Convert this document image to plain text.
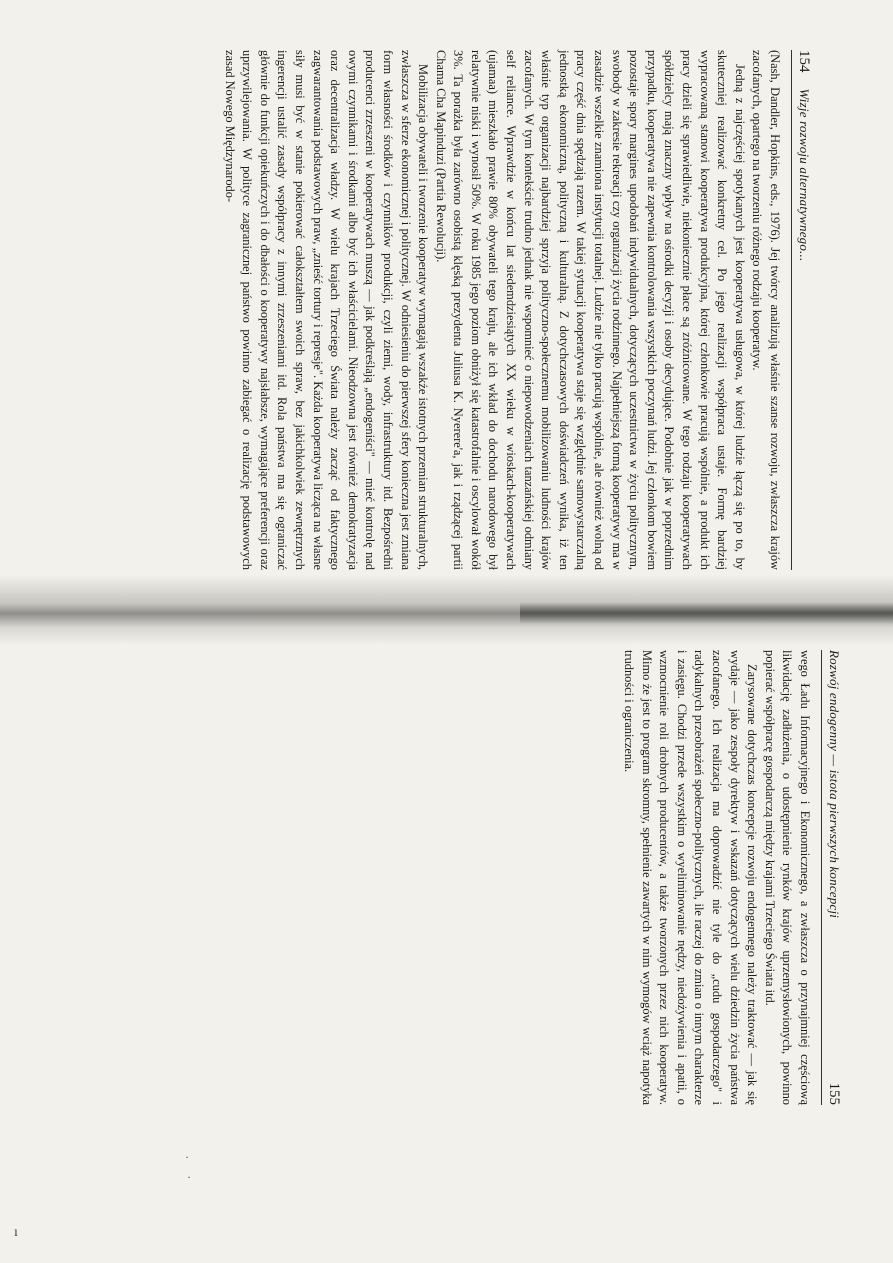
154
Wizje rozwoju alternatywnego...

(Nash, Dandler, Hopkins, eds., 1976). Jej twórcy analizują właśnie szanse rozwoju, zwłaszcza krajów zacofanych, opartego na tworzeniu różnego rodzaju kooperatyw.

Jedną z najczęściej spotykanych jest kooperatywa usługowa, w której ludzie łączą się po to, by skuteczniej realizować konkretny cel. Po jego realizacji współpraca ustaje. Formę bardziej wypracowaną stanowi kooperatywa produkcyjna, której członkowie pracują wspólnie, a produkt ich pracy dzieli się sprawiedliwie, niekoniecznie płace są zróżnicowane. W tego rodzaju kooperatywach spółdzielcy mają znaczny wpływ na ośrodki decyzji i osoby decydujące. Podobnie jak w poprzednim przypadku, kooperatywa nie zapewnia kontrolowania wszystkich poczynań ludzi. Jej członkom bowiem pozostaje spory margines upodobań indywidualnych, dotyczących uczestnictwa w życiu politycznym, swobody w zakresie rekreacji czy organizacji życia rodzinnego. Najpełniejszą formą kooperatywy ma w zasadzie wszelkie znamiona instytucji totalnej. Ludzie nie tylko pracują wspólnie, ale również wolną od pracy część dnia spędzają razem. W takiej sytuacji kooperatywa staje się względnie samowystarczalną jednostką ekonomiczną, polityczną i kulturalną. Z dotychczasowych doświadczeń wynika, iż ten właśnie typ organizacji najbardziej sprzyja polityczno-społecznemu mobilizowaniu ludności krajów zacofanych. W tym kontekście trudno jednak nie wspomnieć o niepowodzeniach tanzańskiej odmiany self reliance. Wprawdzie w końcu lat siedemdziesiątych XX wieku w wioskach-kooperatywach (ujamaa) mieszkało prawie 80% obywateli tego kraju, ale ich wkład do dochodu narodowego był relatywnie niski i wynosił 50%. W roku 1985 jego poziom obniżył się katastrofalnie i oscylował wokół 3%. Ta porażka była zarówno osobistą klęską prezydenta Juliusa K. Nyerere'a, jak i rządzącej partii Chama Cha Mapinduzi (Partia Rewolucji).

Mobilizacja obywateli i tworzenie kooperatyw wymagają wszakże istotnych przemian strukturalnych, zwłaszcza w sferze ekonomicznej i politycznej. W odniesieniu do pierwszej sfery konieczna jest zmiana form własności środków i czynników produkcji, czyli ziemi, wody, infrastruktury itd. Bezpośredni producenci zrzeszeni w kooperatywach muszą — jak podkreślają „endogeniści" — mieć kontrolę nad owymi czynnikami i środkami albo być ich właścicielami. Nieodzowna jest również demokratyzacja oraz decentralizacja władzy. W wielu krajach Trzeciego Świata należy zacząć od faktycznego zagwarantowania podstawowych praw, „znieść tortury i represje". Każda kooperatywa licząca na własne siły musi być w stanie pokierować całokształtem swoich spraw, bez jakichkolwiek zewnętrznych ingerencji ustalić zasady współpracy z innymi zrzeszeniami itd. Rola państwa ma się ograniczać głównie do funkcji opiekuńczych i do dbałości o kooperatywy najsłabsze, wymagające preferencji oraz uprzywilejowania. W polityce zagranicznej państwo powinno zabiegać o realizację podstawowych zasad Nowego Międzynarodo-

Rozwój endogenny — istota pierwszych koncepcji
155

wego Ładu Informacyjnego i Ekonomicznego, a zwłaszcza o przynajmniej częściową likwidację zadłużenia, o udostępnienie rynków krajów uprzemysłowionych, powinno popierać współpracę gospodarczą między krajami Trzeciego Świata itd.

Zarysowane dotychczas koncepcje rozwoju endogennego należy traktować — jak się wydaje — jako zespoły dyrektyw i wskazań dotyczących wielu dziedzin życia państwa zacofanego. Ich realizacja ma doprowadzić nie tyle do „cudu gospodarczego" i radykalnych przeobrażeń społeczno-politycznych, ile raczej do zmian o innym charakterze i zasięgu. Chodzi przede wszystkim o wyeliminowanie nędzy, niedożywienia i apatii, o wzmocnienie roli drobnych producentów, a także tworzonych przez nich kooperatyw. Mimo że jest to program skromny, spełnienie zawartych w nim wymogów wciąż napotyka trudności i ograniczenia.

·
·
ı
